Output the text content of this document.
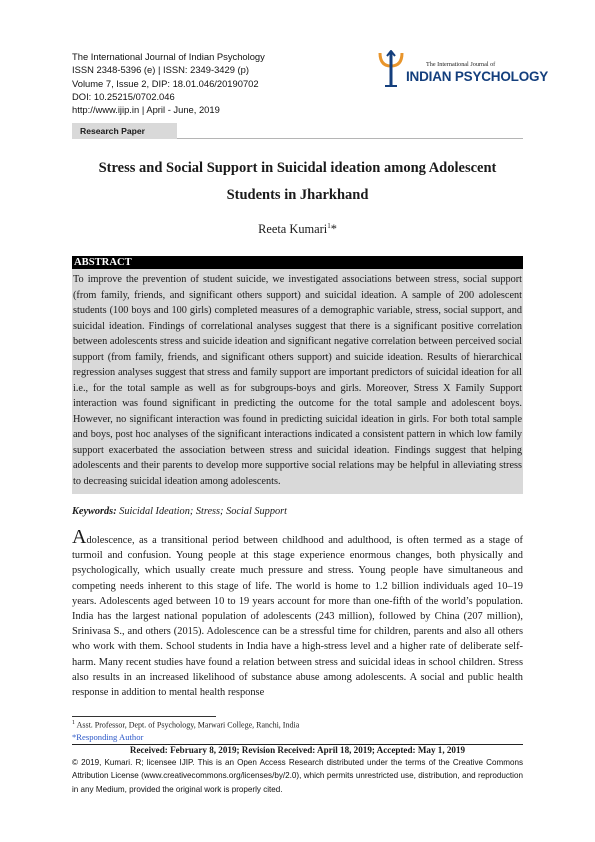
The International Journal of Indian Psychology
ISSN 2348-5396 (e) | ISSN: 2349-3429 (p)
Volume 7, Issue 2, DIP: 18.01.046/20190702
DOI: 10.25215/0702.046
http://www.ijip.in | April - June, 2019
The International Journal of
INDIAN PSYCHOLOGY
Research Paper
Stress and Social Support in Suicidal ideation among Adolescent Students in Jharkhand
Reeta Kumari$^1$*
ABSTRACT
To improve the prevention of student suicide, we investigated associations between stress, social support (from family, friends, and significant others support) and suicidal ideation. A sample of 200 adolescent students (100 boys and 100 girls) completed measures of a demographic variable, stress, social support, and suicidal ideation. Findings of correlational analyses suggest that there is a significant positive correlation between adolescents stress and suicide ideation and significant negative correlation between perceived social support (from family, friends, and significant others support) and suicide ideation. Results of hierarchical regression analyses suggest that stress and family support are important predictors of suicidal ideation for all i.e., for the total sample as well as for subgroups-boys and girls. Moreover, Stress X Family Support interaction was found significant in predicting the outcome for the total sample and adolescent boys. However, no significant interaction was found in predicting suicidal ideation in girls. For both total sample and boys, post hoc analyses of the significant interactions indicated a consistent pattern in which low family support exacerbated the association between stress and suicidal ideation. Findings suggest that helping adolescents and their parents to develop more supportive social relations may be helpful in alleviating stress to decreasing suicidal ideation among adolescents.
Keywords: Suicidal Ideation; Stress; Social Support
Adolescence, as a transitional period between childhood and adulthood, is often termed as a stage of turmoil and confusion. Young people at this stage experience enormous changes, both physically and psychologically, which usually create much pressure and stress. Young people have simultaneous and competing needs inherent to this stage of life. The world is home to 1.2 billion individuals aged 10–19 years. Adolescents aged between 10 to 19 years account for more than one-fifth of the world’s population. India has the largest national population of adolescents (243 million), followed by China (207 million), Srinivasa S., and others (2015). Adolescence can be a stressful time for children, parents and also all others who work with them. School students in India have a high-stress level and a higher rate of deliberate self-harm. Many recent studies have found a relation between stress and suicidal ideas in school children. Stress also results in an increased likelihood of substance abuse among adolescents. A social and public health response in addition to mental health response
$^1$ Asst. Professor, Dept. of Psychology, Marwari College, Ranchi, India
*Responding Author
Received: February 8, 2019; Revision Received: April 18, 2019; Accepted: May 1, 2019
© 2019, Kumari. R; licensee IJIP. This is an Open Access Research distributed under the terms of the Creative Commons Attribution License (www.creativecommons.org/licenses/by/2.0), which permits unrestricted use, distribution, and reproduction in any Medium, provided the original work is properly cited.
